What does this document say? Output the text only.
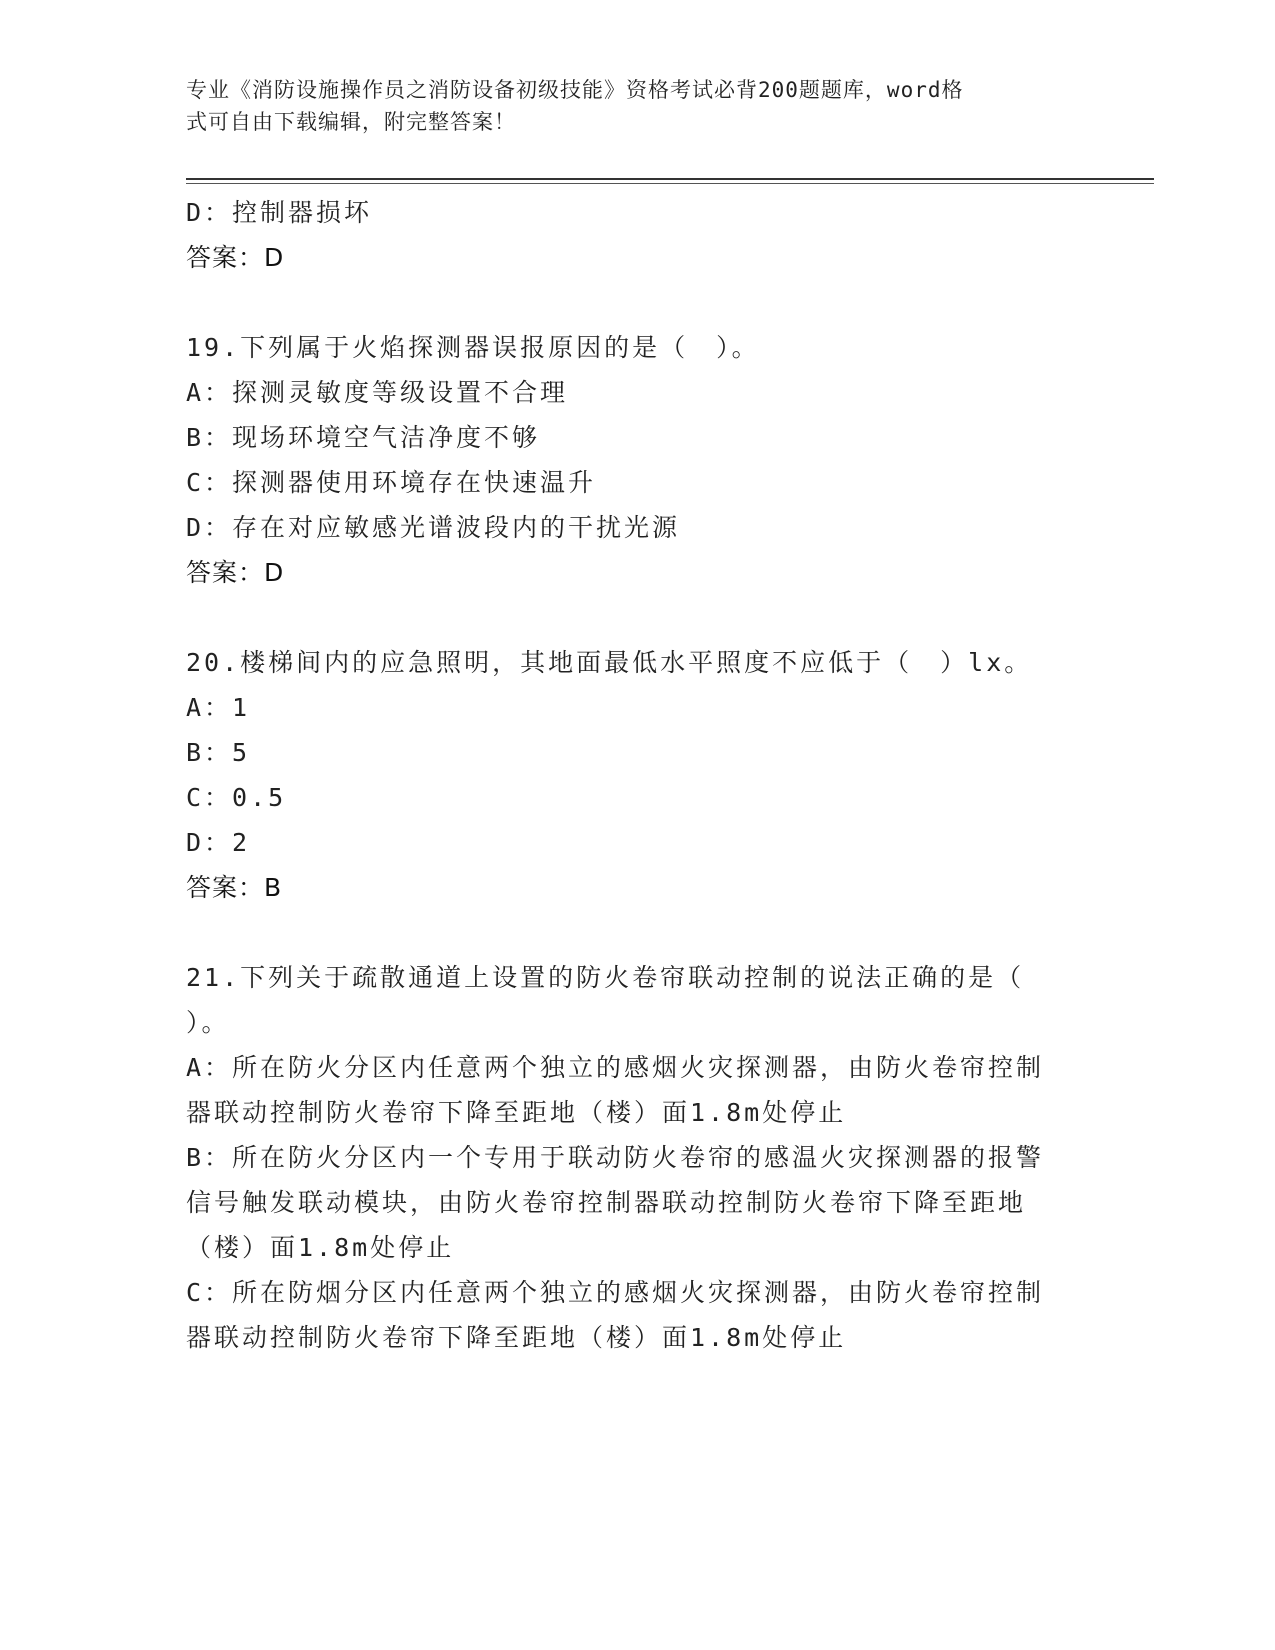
专业《消防设施操作员之消防设备初级技能》资格考试必背200题题库，word格
式可自由下载编辑，附完整答案！
D：控制器损坏
答案：D
19.下列属于火焰探测器误报原因的是（　）。
A：探测灵敏度等级设置不合理
B：现场环境空气洁净度不够
C：探测器使用环境存在快速温升
D：存在对应敏感光谱波段内的干扰光源
答案：D
20.楼梯间内的应急照明，其地面最低水平照度不应低于（　）lx。
A：1
B：5
C：0.5
D：2
答案：B
21.下列关于疏散通道上设置的防火卷帘联动控制的说法正确的是（
）。
A：所在防火分区内任意两个独立的感烟火灾探测器，由防火卷帘控制
器联动控制防火卷帘下降至距地（楼）面1.8m处停止
B：所在防火分区内一个专用于联动防火卷帘的感温火灾探测器的报警
信号触发联动模块，由防火卷帘控制器联动控制防火卷帘下降至距地
（楼）面1.8m处停止
C：所在防烟分区内任意两个独立的感烟火灾探测器，由防火卷帘控制
器联动控制防火卷帘下降至距地（楼）面1.8m处停止
